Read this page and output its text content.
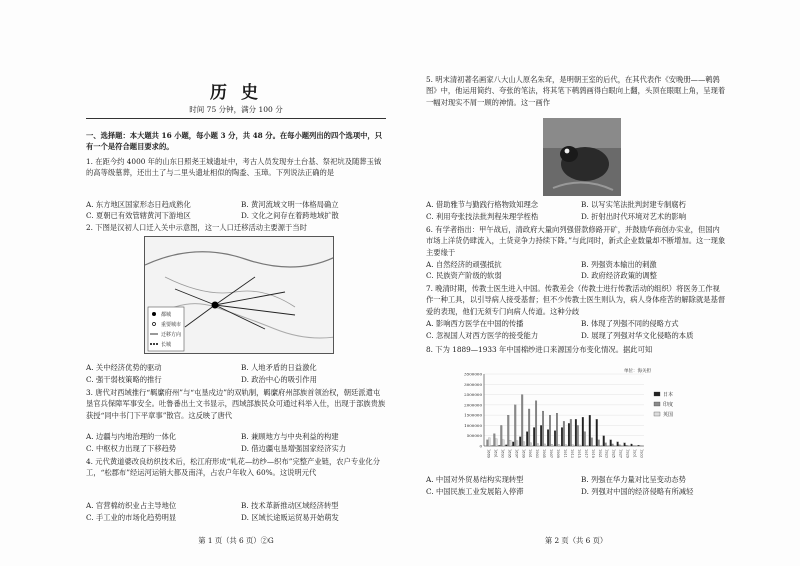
历 史
时间 75 分钟，满分 100 分
一、选择题：本大题共 16 小题，每小题 3 分，共 48 分。在每小题列出的四个选项中，只有一个是符合题目要求的。
1. 在距今约 4000 年的山东日照尧王城遗址中，考古人员发现夯土台基、祭祀坑及随葬玉钺的高等级墓葬，还出土了与二里头遗址相似的陶盉、玉璋。下列说法正确的是
A. 东方地区国家形态日趋成熟化	B. 黄河流域文明一体格局确立
C. 夏朝已有效管辖黄河下游地区	D. 文化之间存在着跨地域扩散
2. 下图是汉初人口迁入关中示意图，这一人口迁移活动主要源于当时
都城
重要城市
迁移方向
长城
A. 关中经济优势的驱动	B. 人地矛盾的日益激化
C. 强干弱枝策略的推行	D. 政治中心的吸引作用
3. 唐代对西域推行“羁縻府州”与“屯垦戍边”的双轨制，羁縻府州部族首领治权，朝廷派遣屯垦官兵保障军事安全。吐鲁番出土文书显示，西域部族民众可通过科举入仕，出现于部族贵族获授“同中书门下平章事”散官。这反映了唐代
A. 边疆与内地治理的一体化	B. 兼顾地方与中央利益的构建
C. 中枢权力出现了下移趋势	D. 借边疆屯垦增强国家经济实力
4. 元代黄道婆改良纺织技术后，松江府形成“轧花—纺纱—织布”完整产业链，农户专业化分工，“松郡布”经运河运销大都及南洋，占农户年收入 60%。这说明元代
A. 官营棉纺织业占主导地位	B. 技术革新推动区域经济转型
C. 手工业的市场化趋势明显	D. 区域长途贩运贸易开始萌发
第 1 页（共 6 页）②G
5. 明末清初著名画家八大山人原名朱耷，是明朝王室的后代，在其代表作《安晚册——鹌鹑图》中，他运用简约、夸张的笔法，将其笔下鹌鹑画得白眼向上翻，头顶在眼眶上角，呈现着一幅对现实不屑一顾的神情。这一画作
A. 借助雅节与勤践行格物致知理念	B. 以写实笔法批判封建专制腐朽
C. 利用夸张技法批判程朱理学桎梏	D. 折射出时代环境对艺术的影响
6. 有学者指出：甲午战后，清政府大量向列强借款修路开矿，并鼓励华商创办实业，但国内市场上洋货仍肆流入，土货竞争力持续下降。”与此同时，新式企业数量却不断增加。这一现象主要缘于
A. 自然经济的顽强抵抗	B. 列强资本输出的刺激
C. 民族资产阶级的软弱	D. 政府经济政策的调整
7. 晚清时期，传教士医生进入中国。传教差会（传教士进行传教活动的组织）将医务工作视作一种工具，以引导病人接受基督；但不少传教士医生则认为，病人身体痊苦的解除就是基督爱的表现，他们无须专门向病人传道。这种分歧
A. 影响西方医学在中国的传播	B. 体现了列强不同的侵略方式
C. 忽视国人对西方医学的接受能力	D. 展现了列强对华文化侵略的本质
8. 下为 1889—1933 年中国棉纱进口来源国分布变化情况。据此可知
3500000
3000000
2500000
2000000
1500000
1000000
500000
0
单位：海关担
1889 1891 1893 1895 1897 1899 1901 1903 1905 1907 1909 1911 1913 1915 1917 1919 1921 1923 1925 1927 1929 1931 1933
日本
印度
英国
A. 中国对外贸易结构实现转型	B. 列强在华力量对比呈变动态势
C. 中国民族工业发展陷入停滞	D. 列强对中国的经济侵略有所减轻
第 2 页（共 6 页）
